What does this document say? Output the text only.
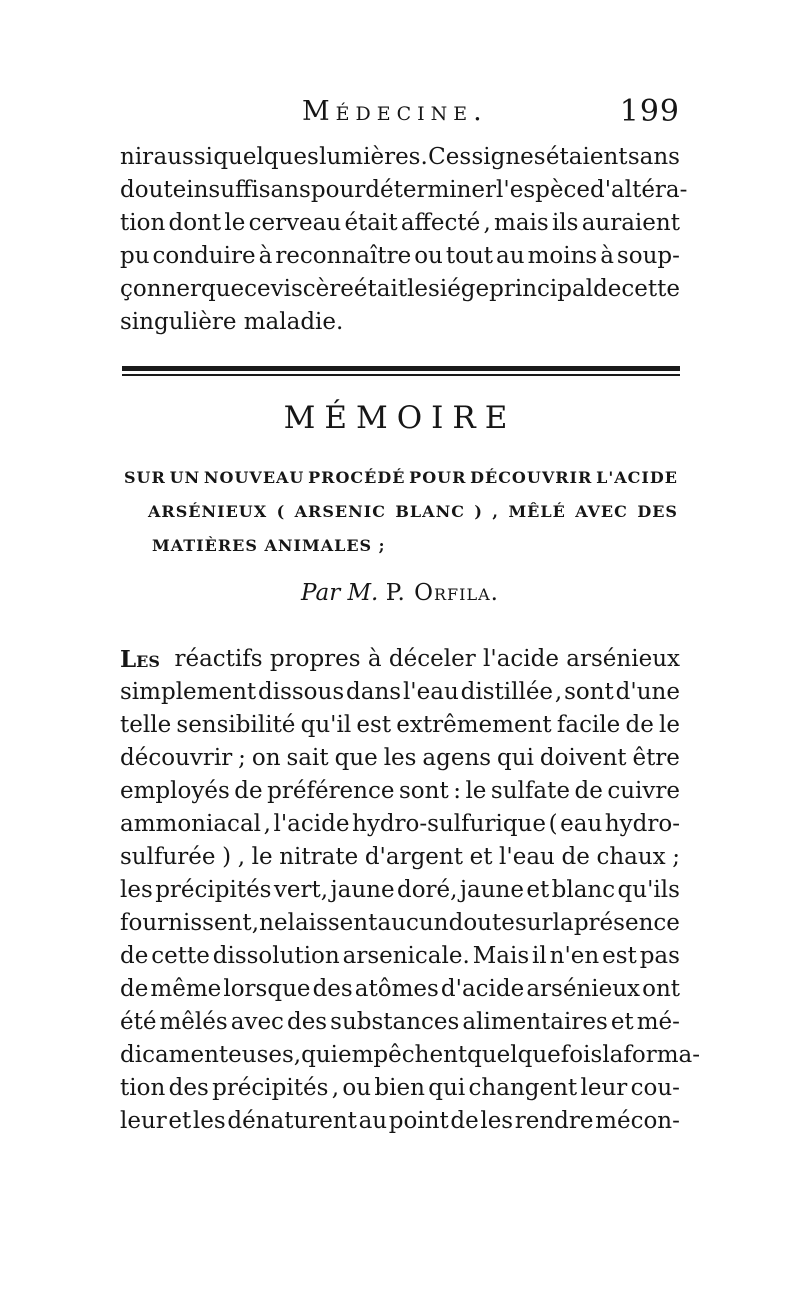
Médecine.	199
nir aussi quelques lumières. Ces signes étaient sans
doute insuffisans pour déterminer l'espèce d'altéra-
tion dont le cerveau était affecté , mais ils auraient
pu conduire à reconnaître ou tout au moins à soup-
çonner que ce viscère était le siége principal de cette
singulière maladie.
MÉMOIRE
SUR UN NOUVEAU PROCÉDÉ POUR DÉCOUVRIR L'ACIDE
ARSÉNIEUX ( ARSENIC BLANC ) , MÊLÉ AVEC DES
MATIÈRES ANIMALES ;
Par M. P. Orfila.
Les réactifs propres à déceler l'acide arsénieux
simplement dissous dans l'eau distillée , sont d'une
telle sensibilité qu'il est extrêmement facile de le
découvrir ; on sait que les agens qui doivent être
employés de préférence sont : le sulfate de cuivre
ammoniacal , l'acide hydro-sulfurique ( eau hydro-
sulfurée ) , le nitrate d'argent et l'eau de chaux ;
les précipités vert, jaune doré, jaune et blanc qu'ils
fournissent , ne laissent aucun doute sur la présence
de cette dissolution arsenicale. Mais il n'en est pas
de même lorsque des atômes d'acide arsénieux ont
été mêlés avec des substances alimentaires et mé-
dicamenteuses, qui empêchent quelquefois la forma-
tion des précipités , ou bien qui changent leur cou-
leur et les dénaturent au point de les rendre mécon-
